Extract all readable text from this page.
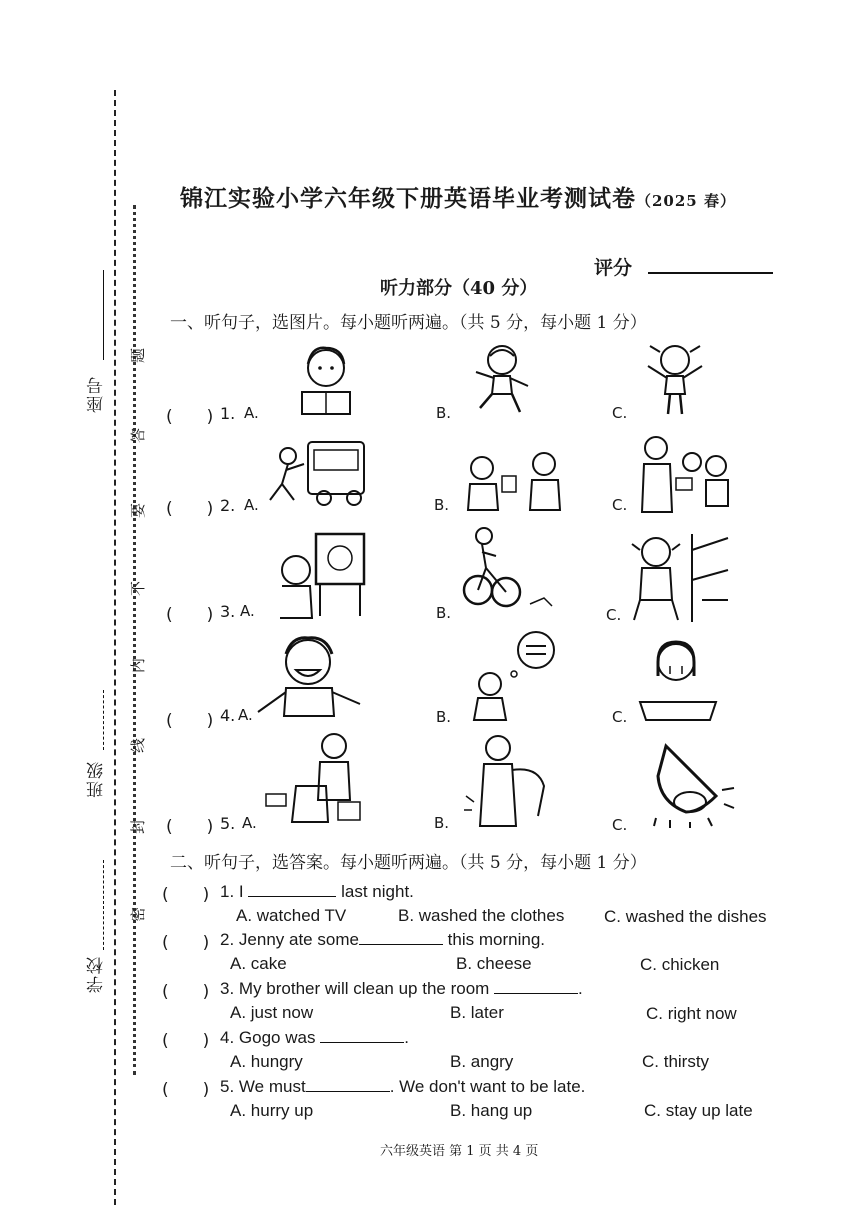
座号
班级
学校
密
封
线
内
不
要
答
题
锦江实验小学六年级下册英语毕业考测试卷（2025 春）
评分
听力部分（40 分）
一、听句子，选图片。每小题听两遍。（共 5 分，每小题 1 分）
(　　) 1. A.	B.	C.
(　　) 2. A.	B.	C.
(　　) 3. A.	B.	C.
(　　) 4. A.	B.	C.
(　　) 5. A.	B.	C.
二、听句子，选答案。每小题听两遍。（共 5 分，每小题 1 分）
(　　) 1. I	last night.
A. watched TV	B. washed the clothes C. washed the dishes
(　　) 2. Jenny ate some	this morning.
A. cake	B. cheese	C. chicken
(　　) 3. My brother will clean up the room	.
A. just now	B. later	C. right now
(　　) 4. Gogo was	.
A. hungry	B. angry	C. thirsty
(　　) 5. We must	. We don't want to be late.
A. hurry up	B. hang up	C. stay up late
六年级英语 第 1 页 共 4 页
